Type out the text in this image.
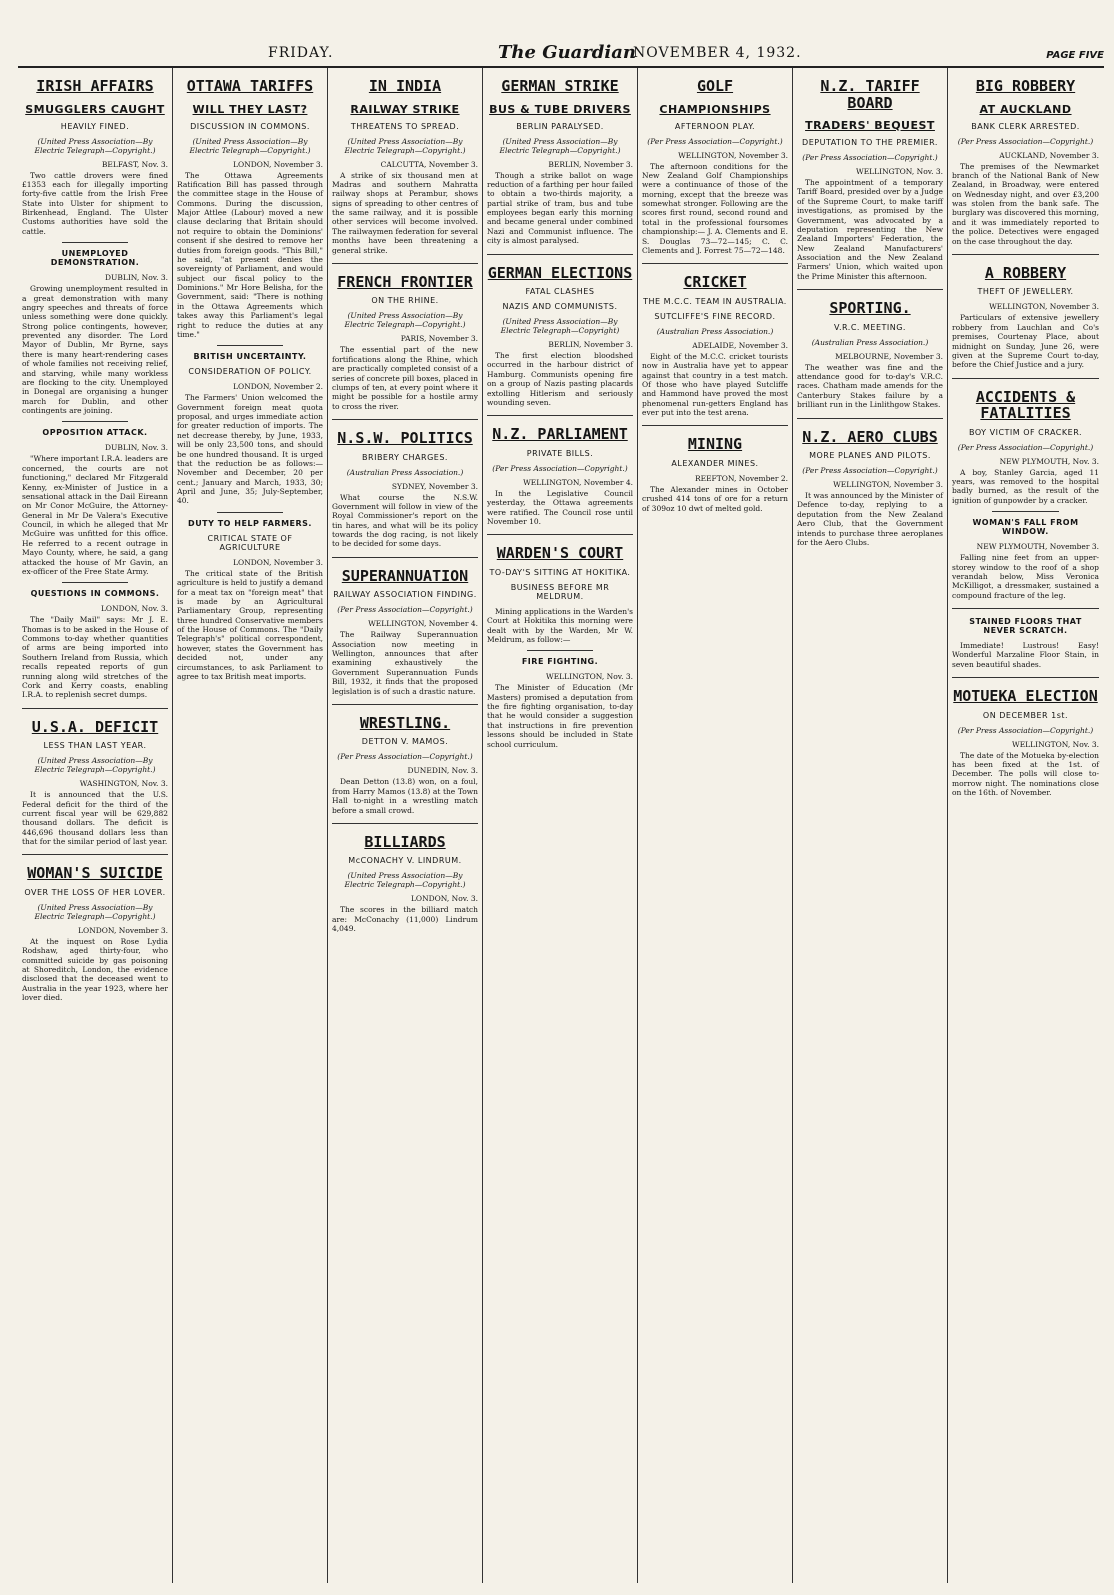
FRIDAY.	The Guardian
NOVEMBER 4, 1932.	PAGE FIVE
IRISH AFFAIRS
SMUGGLERS CAUGHT
HEAVILY FINED.
(United Press Association—By Electric Telegraph—Copyright.)
BELFAST, Nov. 3.

Two cattle drovers were fined £1353 each for illegally importing forty-five cattle from the Irish Free State into Ulster for shipment to Birkenhead, England. The Ulster Customs authorities have sold the cattle.

UNEMPLOYED DEMONSTRATION.
DUBLIN, Nov. 3.

Growing unemployment resulted in a great demonstration with many angry speeches and threats of force unless something were done quickly. Strong police contingents, however, prevented any disorder. The Lord Mayor of Dublin, Mr Byrne, says there is many heart-rendering cases of whole families not receiving relief, and starving, while many workless are flocking to the city. Unemployed in Donegal are organising a hunger march for Dublin, and other contingents are joining.

OPPOSITION ATTACK.
DUBLIN, Nov. 3.

"Where important I.R.A. leaders are concerned, the courts are not functioning," declared Mr Fitzgerald Kenny, ex-Minister of Justice in a sensational attack in the Dail Eireann on Mr Conor McGuire, the Attorney-General in Mr De Valera's Executive Council, in which he alleged that Mr McGuire was unfitted for this office. He referred to a recent outrage in Mayo County, where, he said, a gang attacked the house of Mr Gavin, an ex-officer of the Free State Army.

QUESTIONS IN COMMONS.
LONDON, Nov. 3.

The "Daily Mail" says: Mr J. E. Thomas is to be asked in the House of Commons to-day whether quantities of arms are being imported into Southern Ireland from Russia, which recalls repeated reports of gun running along wild stretches of the Cork and Kerry coasts, enabling I.R.A. to replenish secret dumps.

U.S.A. DEFICIT
LESS THAN LAST YEAR.
(United Press Association—By Electric Telegraph—Copyright.)
WASHINGTON, Nov. 3.

It is announced that the U.S. Federal deficit for the third of the current fiscal year will be 629,882 thousand dollars. The deficit is 446,696 thousand dollars less than that for the similar period of last year.

WOMAN'S SUICIDE
OVER THE LOSS OF HER LOVER.
(United Press Association—By Electric Telegraph—Copyright.)
LONDON, November 3.

At the inquest on Rose Lydia Rodshaw, aged thirty-four, who committed suicide by gas poisoning at Shoreditch, London, the evidence disclosed that the deceased went to Australia in the year 1923, where her lover died.

OTTAWA TARIFFS
WILL THEY LAST?
DISCUSSION IN COMMONS.
(United Press Association—By Electric Telegraph—Copyright.)
LONDON, November 3.

The Ottawa Agreements Ratification Bill has passed through the committee stage in the House of Commons. During the discussion, Major Attlee (Labour) moved a new clause declaring that Britain should not require to obtain the Dominions' consent if she desired to remove her duties from foreign goods. "This Bill," he said, "at present denies the sovereignty of Parliament, and would subject our fiscal policy to the Dominions." Mr Hore Belisha, for the Government, said: "There is nothing in the Ottawa Agreements which takes away this Parliament's legal right to reduce the duties at any time."

BRITISH UNCERTAINTY.
CONSIDERATION OF POLICY.
LONDON, November 2.

The Farmers' Union welcomed the Government foreign meat quota proposal, and urges immediate action for greater reduction of imports. The net decrease thereby, by June, 1933, will be only 23,500 tons, and should be one hundred thousand. It is urged that the reduction be as follows:—November and December, 20 per cent.; January and March, 1933, 30; April and June, 35; July-September, 40.

DUTY TO HELP FARMERS.
CRITICAL STATE OF AGRICULTURE
LONDON, November 3.

The critical state of the British agriculture is held to justify a demand for a meat tax on "foreign meat" that is made by an Agricultural Parliamentary Group, representing three hundred Conservative members of the House of Commons. The "Daily Telegraph's" political correspondent, however, states the Government has decided not, under any circumstances, to ask Parliament to agree to tax British meat imports.

IN INDIA
RAILWAY STRIKE
THREATENS TO SPREAD.
(United Press Association—By Electric Telegraph—Copyright.)
CALCUTTA, November 3.

A strike of six thousand men at Madras and southern Mahratta railway shops at Perambur, shows signs of spreading to other centres of the same railway, and it is possible other services will become involved. The railwaymen federation for several months have been threatening a general strike.

FRENCH FRONTIER
ON THE RHINE.
(United Press Association—By Electric Telegraph—Copyright.)
PARIS, November 3.

The essential part of the new fortifications along the Rhine, which are practically completed consist of a series of concrete pill boxes, placed in clumps of ten, at every point where it might be possible for a hostile army to cross the river.

N.S.W. POLITICS
BRIBERY CHARGES.
(Australian Press Association.)
SYDNEY, November 3.

What course the N.S.W. Government will follow in view of the Royal Commissioner's report on the tin hares, and what will be its policy towards the dog racing, is not likely to be decided for some days.

SUPERANNUATION
RAILWAY ASSOCIATION FINDING.
(Per Press Association—Copyright.)
WELLINGTON, November 4.

The Railway Superannuation Association now meeting in Wellington, announces that after examining exhaustively the Government Superannuation Funds Bill, 1932, it finds that the proposed legislation is of such a drastic nature.

WRESTLING.
DETTON V. MAMOS.
(Per Press Association—Copyright.)
DUNEDIN, Nov. 3.

Dean Detton (13.8) won, on a foul, from Harry Mamos (13.8) at the Town Hall to-night in a wrestling match before a small crowd.

BILLIARDS
McCONACHY V. LINDRUM.
(United Press Association—By Electric Telegraph—Copyright.)
LONDON, Nov. 3.

The scores in the billiard match are: McConachy (11,000) Lindrum 4,049.

GERMAN STRIKE
BUS & TUBE DRIVERS
BERLIN PARALYSED.
(United Press Association—By Electric Telegraph—Copyright.)
BERLIN, November 3.

Though a strike ballot on wage reduction of a farthing per hour failed to obtain a two-thirds majority, a partial strike of tram, bus and tube employees began early this morning and became general under combined Nazi and Communist influence. The city is almost paralysed.

GERMAN ELECTIONS
FATAL CLASHES
NAZIS AND COMMUNISTS.
(United Press Association—By Electric Telegraph—Copyright)
BERLIN, November 3.

The first election bloodshed occurred in the harbour district of Hamburg. Communists opening fire on a group of Nazis pasting placards extolling Hitlerism and seriously wounding seven.

N.Z. PARLIAMENT
PRIVATE BILLS.
(Per Press Association—Copyright.)
WELLINGTON, November 4.

In the Legislative Council yesterday, the Ottawa agreements were ratified. The Council rose until November 10.

WARDEN'S COURT
TO-DAY'S SITTING AT HOKITIKA.
BUSINESS BEFORE MR MELDRUM.

Mining applications in the Warden's Court at Hokitika this morning were dealt with by the Warden, Mr W. Meldrum, as follow:—

FIRE FIGHTING.
WELLINGTON, Nov. 3.

The Minister of Education (Mr Masters) promised a deputation from the fire fighting organisation, to-day that he would consider a suggestion that instructions in fire prevention lessons should be included in State school curriculum.

GOLF
CHAMPIONSHIPS
AFTERNOON PLAY.
(Per Press Association—Copyright.)
WELLINGTON, November 3.

The afternoon conditions for the New Zealand Golf Championships were a continuance of those of the morning, except that the breeze was somewhat stronger. Following are the scores first round, second round and total in the professional foursomes championship:— J. A. Clements and E. S. Douglas 73—72—145; C. C. Clements and J. Forrest 75—72—148.

CRICKET
THE M.C.C. TEAM IN AUSTRALIA.
SUTCLIFFE'S FINE RECORD.
(Australian Press Association.)
ADELAIDE, November 3.

Eight of the M.C.C. cricket tourists now in Australia have yet to appear against that country in a test match. Of those who have played Sutcliffe and Hammond have proved the most phenomenal run-getters England has ever put into the test arena.

MINING
ALEXANDER MINES.
REEFTON, November 2.

The Alexander mines in October crushed 414 tons of ore for a return of 309oz 10 dwt of melted gold.

N.Z. TARIFF BOARD
TRADERS' BEQUEST
DEPUTATION TO THE PREMIER.
(Per Press Association—Copyright.)
WELLINGTON, Nov. 3.

The appointment of a temporary Tariff Board, presided over by a Judge of the Supreme Court, to make tariff investigations, as promised by the Government, was advocated by a deputation representing the New Zealand Importers' Federation, the New Zealand Manufacturers' Association and the New Zealand Farmers' Union, which waited upon the Prime Minister this afternoon.

SPORTING.
V.R.C. MEETING.
(Australian Press Association.)
MELBOURNE, November 3.

The weather was fine and the attendance good for to-day's V.R.C. races. Chatham made amends for the Canterbury Stakes failure by a brilliant run in the Linlithgow Stakes.

N.Z. AERO CLUBS
MORE PLANES AND PILOTS.
(Per Press Association—Copyright.)
WELLINGTON, November 3.

It was announced by the Minister of Defence to-day, replying to a deputation from the New Zealand Aero Club, that the Government intends to purchase three aeroplanes for the Aero Clubs.

BIG ROBBERY
AT AUCKLAND
BANK CLERK ARRESTED.
(Per Press Association—Copyright.)
AUCKLAND, November 3.

The premises of the Newmarket branch of the National Bank of New Zealand, in Broadway, were entered on Wednesday night, and over £3,200 was stolen from the bank safe. The burglary was discovered this morning, and it was immediately reported to the police. Detectives were engaged on the case throughout the day.

A ROBBERY
THEFT OF JEWELLERY.
WELLINGTON, November 3.

Particulars of extensive jewellery robbery from Lauchlan and Co's premises, Courtenay Place, about midnight on Sunday, June 26, were given at the Supreme Court to-day, before the Chief Justice and a jury.

ACCIDENTS & FATALITIES
BOY VICTIM OF CRACKER.
(Per Press Association—Copyright.)
NEW PLYMOUTH, Nov. 3.

A boy, Stanley Garcia, aged 11 years, was removed to the hospital badly burned, as the result of the ignition of gunpowder by a cracker.

WOMAN'S FALL FROM WINDOW.
NEW PLYMOUTH, November 3.

Falling nine feet from an upper-storey window to the roof of a shop verandah below, Miss Veronica McKilligot, a dressmaker, sustained a compound fracture of the leg.

STAINED FLOORS THAT NEVER SCRATCH.

Immediate! Lustrous! Easy! Wonderful Marzaline Floor Stain, in seven beautiful shades.

MOTUEKA ELECTION
ON DECEMBER 1st.
(Per Press Association—Copyright.)
WELLINGTON, Nov. 3.

The date of the Motueka by-election has been fixed at the 1st. of December. The polls will close to-morrow night. The nominations close on the 16th. of November.
